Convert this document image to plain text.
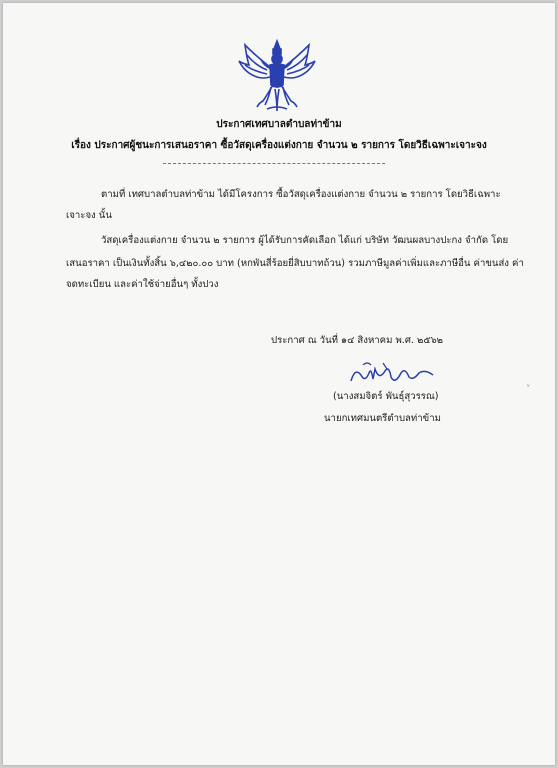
ประกาศเทศบาลตำบลท่าข้าม
เรื่อง ประกาศผู้ชนะการเสนอราคา ซื้อวัสดุเครื่องแต่งกาย จำนวน ๒ รายการ โดยวิธีเฉพาะเจาะจง
ตามที่ เทศบาลตำบลท่าข้าม ได้มีโครงการ ซื้อวัสดุเครื่องแต่งกาย จำนวน ๒ รายการ โดยวิธีเฉพาะ
เจาะจง นั้น
วัสดุเครื่องแต่งกาย จำนวน ๒ รายการ ผู้ได้รับการคัดเลือก ได้แก่ บริษัท วัฒนผลบางปะกง จำกัด โดย
เสนอราคา เป็นเงินทั้งสิ้น ๖,๔๒๐.๐๐ บาท (หกพันสี่ร้อยยี่สิบบาทถ้วน) รวมภาษีมูลค่าเพิ่มและภาษีอื่น ค่าขนส่ง ค่า
จดทะเบียน และค่าใช้จ่ายอื่นๆ ทั้งปวง
ประกาศ ณ วันที่ ๑๔ สิงหาคม พ.ศ. ๒๕๖๒
(นางสมจิตร์ พันธุ์สุวรรณ)
นายกเทศมนตรีตำบลท่าข้าม
ᵛ
